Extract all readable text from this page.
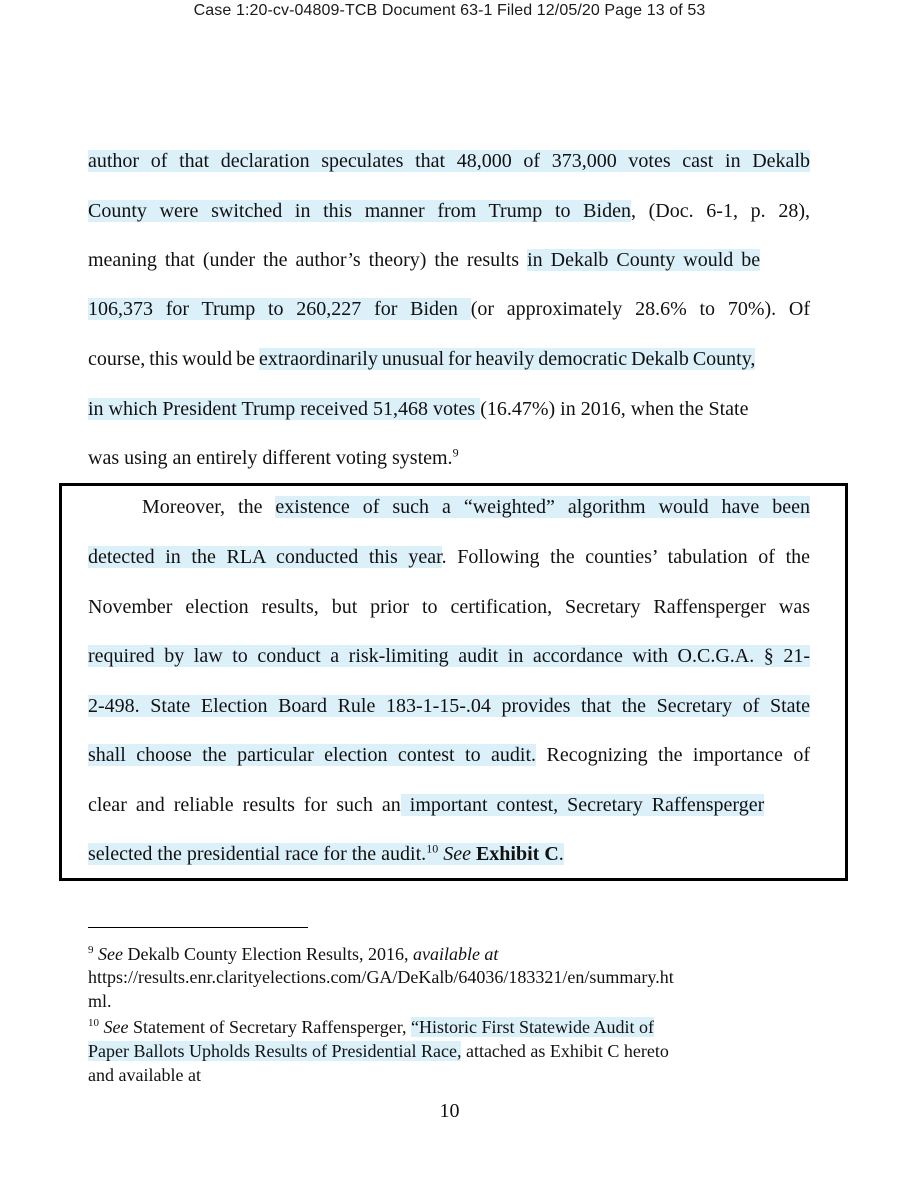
Case 1:20-cv-04809-TCB Document 63-1 Filed 12/05/20 Page 13 of 53
author of that declaration speculates that 48,000 of 373,000 votes cast in Dekalb
County were switched in this manner from Trump to Biden, (Doc. 6-1, p. 28),
meaning that (under the author’s theory) the results in Dekalb County would be
106,373 for Trump to 260,227 for Biden (or approximately 28.6% to 70%). Of
course, this would be extraordinarily unusual for heavily democratic Dekalb County,
in which President Trump received 51,468 votes (16.47%) in 2016, when the State
was using an entirely different voting system.$^9$
Moreover, the existence of such a “weighted” algorithm would have been
detected in the RLA conducted this year. Following the counties’ tabulation of the
November election results, but prior to certification, Secretary Raffensperger was
required by law to conduct a risk-limiting audit in accordance with O.C.G.A. § 21-
2-498. State Election Board Rule 183-1-15-.04 provides that the Secretary of State
shall choose the particular election contest to audit. Recognizing the importance of
clear and reliable results for such an important contest, Secretary Raffensperger
selected the presidential race for the audit.$^{10}$ See Exhibit C.
$^9$ See Dekalb County Election Results, 2016, available at
https://results.enr.clarityelections.com/GA/DeKalb/64036/183321/en/summary.ht
ml.
$^{10}$ See Statement of Secretary Raffensperger, “Historic First Statewide Audit of
Paper Ballots Upholds Results of Presidential Race, attached as Exhibit C hereto
and available at
10
